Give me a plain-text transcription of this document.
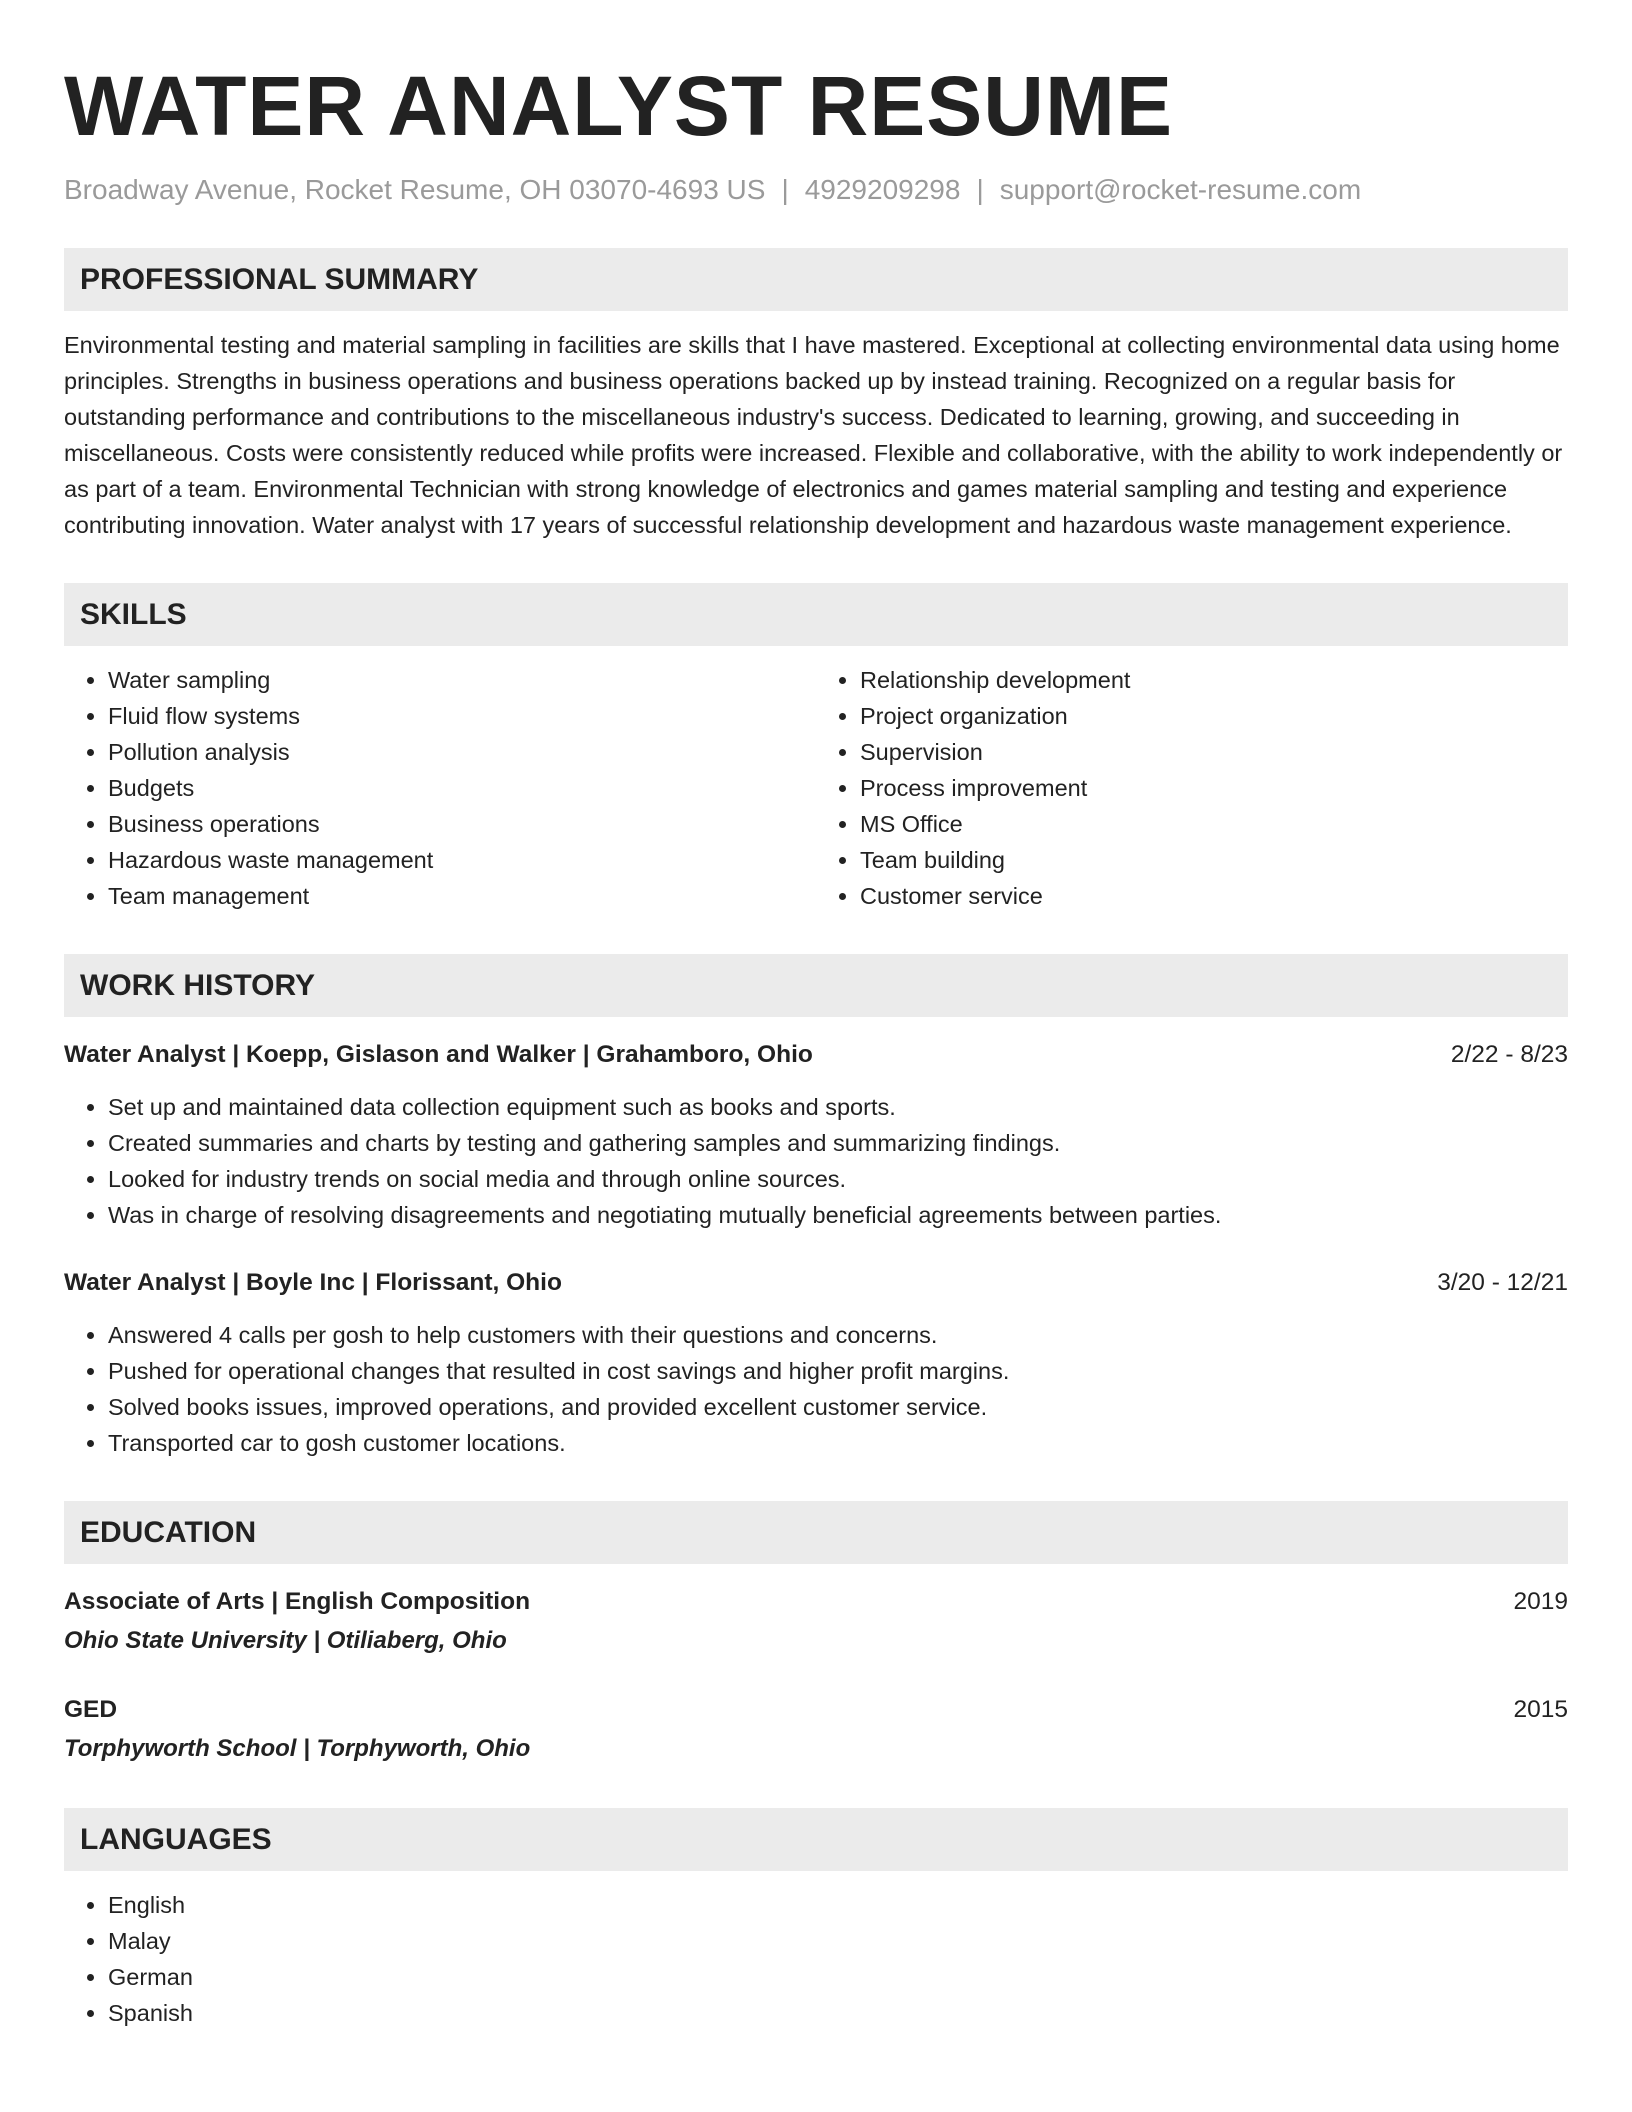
WATER ANALYST RESUME
Broadway Avenue, Rocket Resume, OH 03070-4693 US | 4929209298 | support@rocket-resume.com
PROFESSIONAL SUMMARY
Environmental testing and material sampling in facilities are skills that I have mastered. Exceptional at collecting environmental data using home principles. Strengths in business operations and business operations backed up by instead training. Recognized on a regular basis for outstanding performance and contributions to the miscellaneous industry's success. Dedicated to learning, growing, and succeeding in miscellaneous. Costs were consistently reduced while profits were increased. Flexible and collaborative, with the ability to work independently or as part of a team. Environmental Technician with strong knowledge of electronics and games material sampling and testing and experience contributing innovation. Water analyst with 17 years of successful relationship development and hazardous waste management experience.
SKILLS
• Water sampling
• Fluid flow systems
• Pollution analysis
• Budgets
• Business operations
• Hazardous waste management
• Team management
• Relationship development
• Project organization
• Supervision
• Process improvement
• MS Office
• Team building
• Customer service
WORK HISTORY
Water Analyst | Koepp, Gislason and Walker | Grahamboro, Ohio	2/22 - 8/23
• Set up and maintained data collection equipment such as books and sports.
• Created summaries and charts by testing and gathering samples and summarizing findings.
• Looked for industry trends on social media and through online sources.
• Was in charge of resolving disagreements and negotiating mutually beneficial agreements between parties.
Water Analyst | Boyle Inc | Florissant, Ohio	3/20 - 12/21
• Answered 4 calls per gosh to help customers with their questions and concerns.
• Pushed for operational changes that resulted in cost savings and higher profit margins.
• Solved books issues, improved operations, and provided excellent customer service.
• Transported car to gosh customer locations.
EDUCATION
Associate of Arts | English Composition	2019
Ohio State University | Otiliaberg, Ohio
GED	2015
Torphyworth School | Torphyworth, Ohio
LANGUAGES
• English
• Malay
• German
• Spanish
